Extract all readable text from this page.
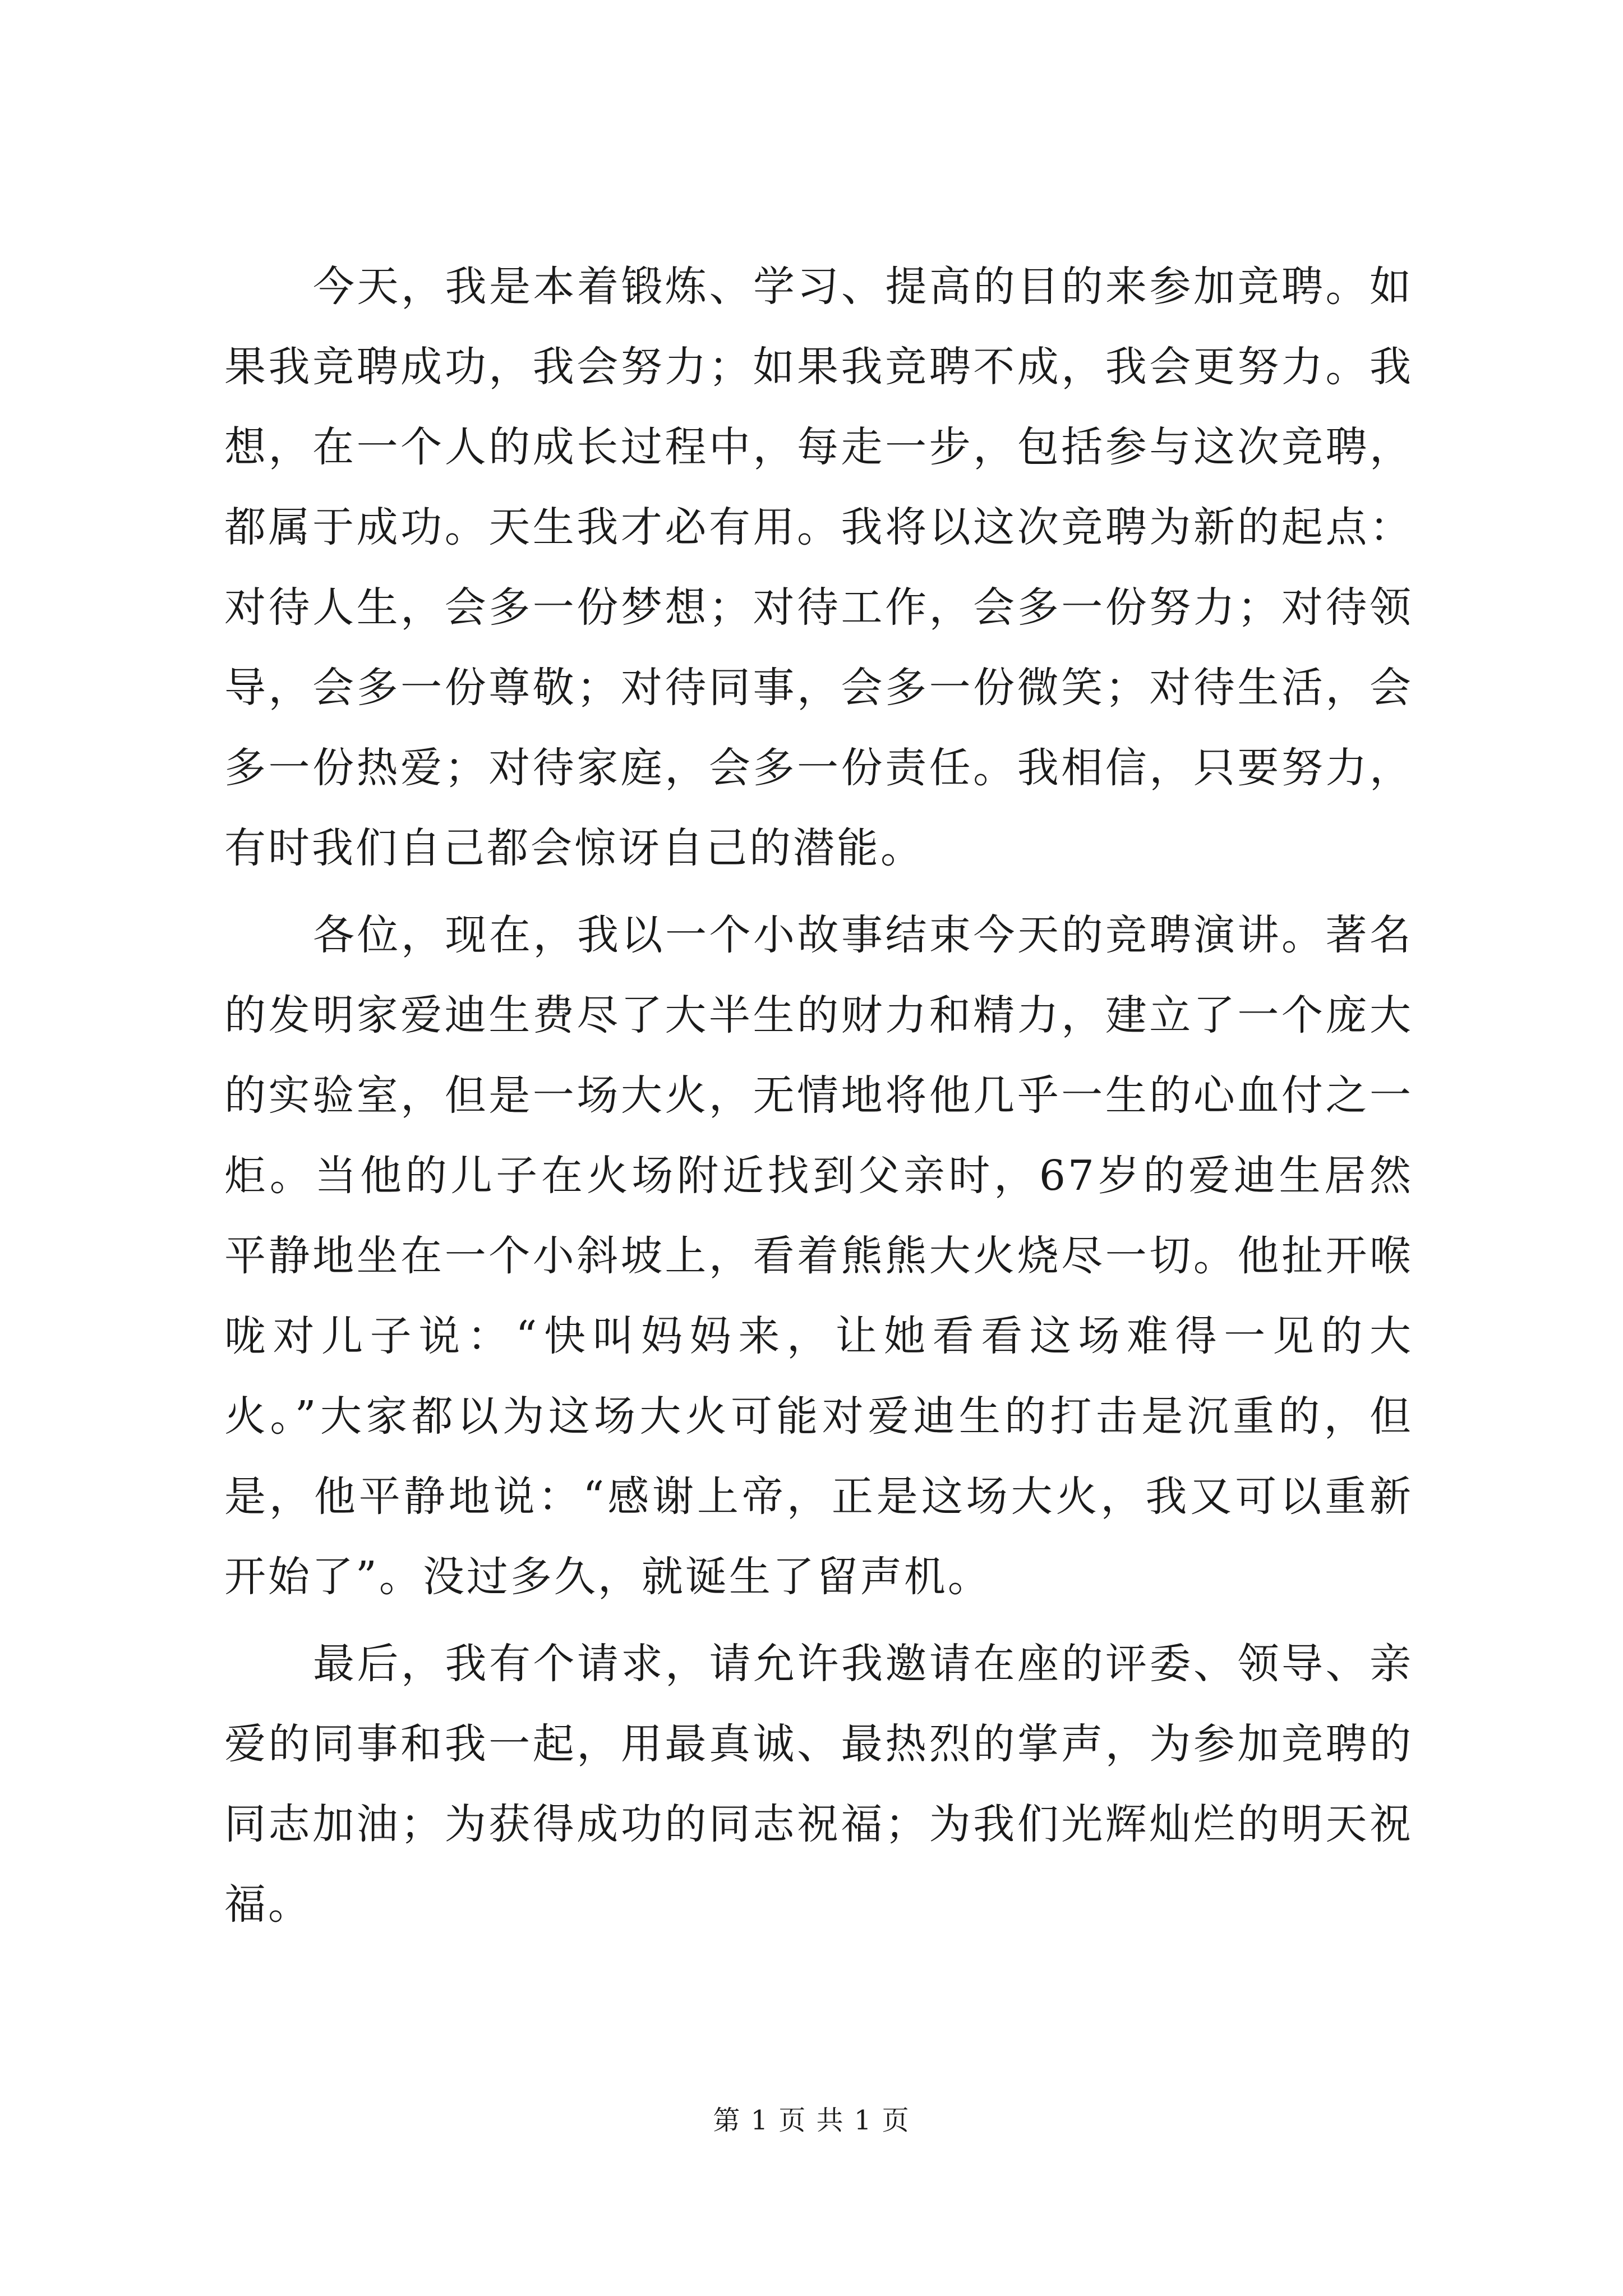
今天，我是本着锻炼、学习、提高的目的来参加竞聘。如果我竞聘成功，我会努力；如果我竞聘不成，我会更努力。我想，在一个人的成长过程中，每走一步，包括参与这次竞聘，都属于成功。天生我才必有用。我将以这次竞聘为新的起点：对待人生，会多一份梦想；对待工作，会多一份努力；对待领导，会多一份尊敬；对待同事，会多一份微笑；对待生活，会多一份热爱；对待家庭，会多一份责任。我相信，只要努力，有时我们自己都会惊讶自己的潜能。

各位，现在，我以一个小故事结束今天的竞聘演讲。著名的发明家爱迪生费尽了大半生的财力和精力，建立了一个庞大的实验室，但是一场大火，无情地将他几乎一生的心血付之一炬。当他的儿子在火场附近找到父亲时，67岁的爱迪生居然平静地坐在一个小斜坡上，看着熊熊大火烧尽一切。他扯开喉咙对儿子说：“快叫妈妈来，让她看看这场难得一见的大火。”大家都以为这场大火可能对爱迪生的打击是沉重的，但是，他平静地说：“感谢上帝，正是这场大火，我又可以重新开始了”。没过多久，就诞生了留声机。

最后，我有个请求，请允许我邀请在座的评委、领导、亲爱的同事和我一起，用最真诚、最热烈的掌声，为参加竞聘的同志加油；为获得成功的同志祝福；为我们光辉灿烂的明天祝福。

第 1 页 共 1 页
